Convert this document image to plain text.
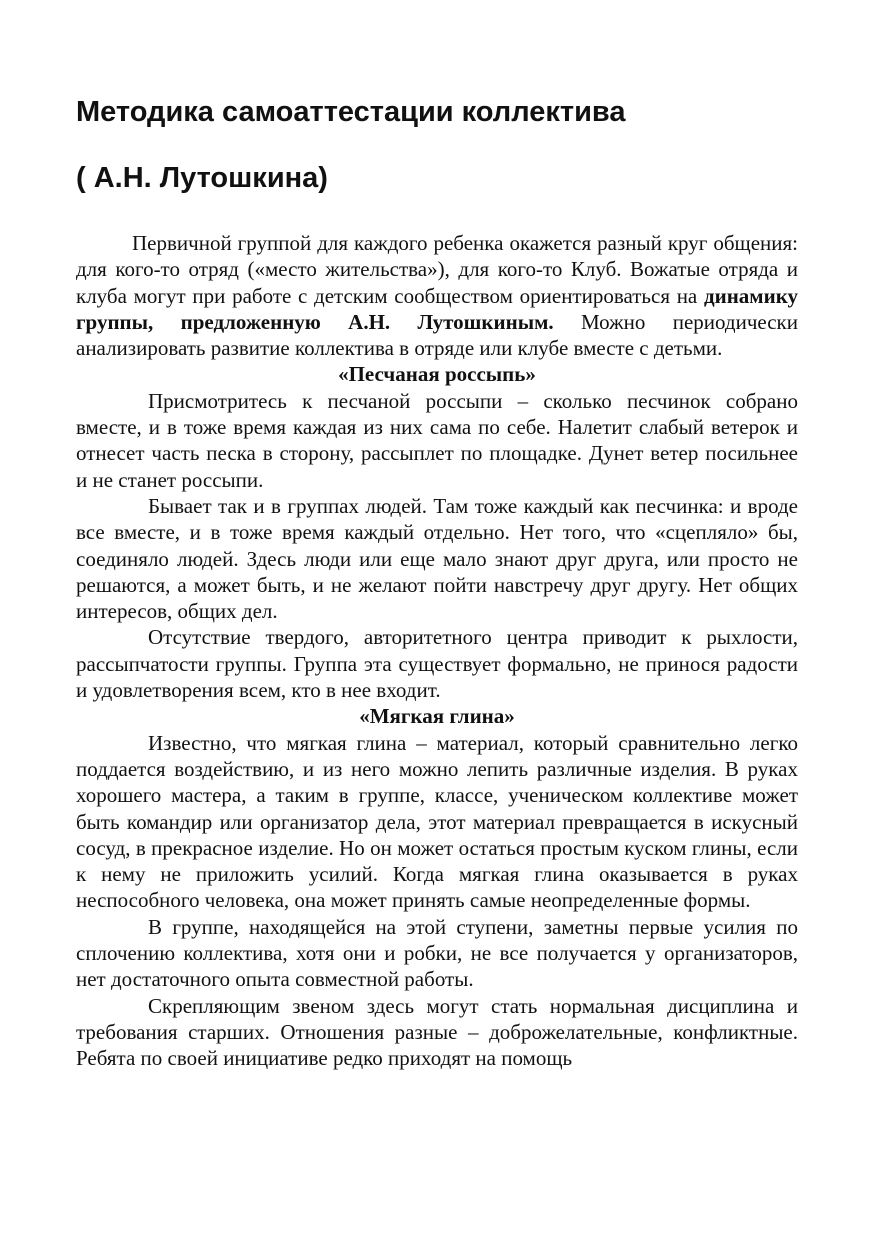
Методика самоаттестации коллектива
( А.Н. Лутошкина)

Первичной группой для каждого ребенка окажется разный круг общения: для кого-то отряд («место жительства»), для кого-то Клуб. Вожатые отряда и клуба могут при работе с детским сообществом ориентироваться на динамику группы, предложенную А.Н. Лутошкиным. Можно периодически анализировать развитие коллектива в отряде или клубе вместе с детьми.

«Песчаная россыпь»

Присмотритесь к песчаной россыпи – сколько песчинок собрано вместе, и в тоже время каждая из них сама по себе. Налетит слабый ветерок и отнесет часть песка в сторону, рассыплет по площадке. Дунет ветер посильнее и не станет россыпи.

Бывает так и в группах людей. Там тоже каждый как песчинка: и вроде все вместе, и в тоже время каждый отдельно. Нет того, что «сцепляло» бы, соединяло людей. Здесь люди или еще мало знают друг друга, или просто не решаются, а может быть, и не желают пойти навстречу друг другу. Нет общих интересов, общих дел.

Отсутствие твердого, авторитетного центра приводит к рыхлости, рассыпчатости группы. Группа эта существует формально, не принося радости и удовлетворения всем, кто в нее входит.

«Мягкая глина»

Известно, что мягкая глина – материал, который сравнительно легко поддается воздействию, и из него можно лепить различные изделия. В руках хорошего мастера, а таким в группе, классе, ученическом коллективе может быть командир или организатор дела, этот материал превращается в искусный сосуд, в прекрасное изделие. Но он может остаться простым куском глины, если к нему не приложить усилий. Когда мягкая глина оказывается в руках неспособного человека, она может принять самые неопределенные формы.

В группе, находящейся на этой ступени, заметны первые усилия по сплочению коллектива, хотя они и робки, не все получается у организаторов, нет достаточного опыта совместной работы.

Скрепляющим звеном здесь могут стать нормальная дисциплина и требования старших. Отношения разные – доброжелательные, конфликтные. Ребята по своей инициативе редко приходят на помощь
